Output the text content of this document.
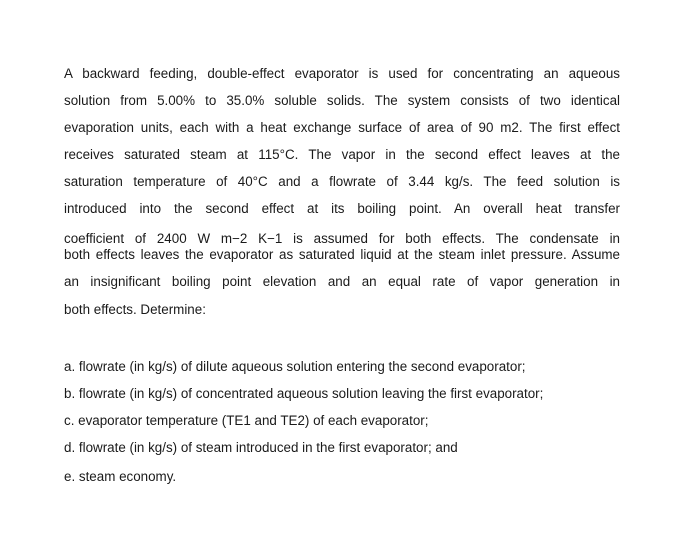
A backward feeding, double-effect evaporator is used for concentrating an aqueous

solution from 5.00% to 35.0% soluble solids. The system consists of two identical

evaporation units, each with a heat exchange surface of area of 90 m2. The first effect

receives saturated steam at 115°C. The vapor in the second effect leaves at the

saturation temperature of 40°C and a flowrate of 3.44 kg/s. The feed solution is

introduced into the second effect at its boiling point. An overall heat transfer

coefficient of 2400 W m−2 K−1 is assumed for both effects. The condensate in

both effects leaves the evaporator as saturated liquid at the steam inlet pressure. Assume

an insignificant boiling point elevation and an equal rate of vapor generation in

both effects. Determine:

a. flowrate (in kg/s) of dilute aqueous solution entering the second evaporator;

b. flowrate (in kg/s) of concentrated aqueous solution leaving the first evaporator;

c. evaporator temperature (TE1 and TE2) of each evaporator;

d. flowrate (in kg/s) of steam introduced in the first evaporator; and

e. steam economy.
